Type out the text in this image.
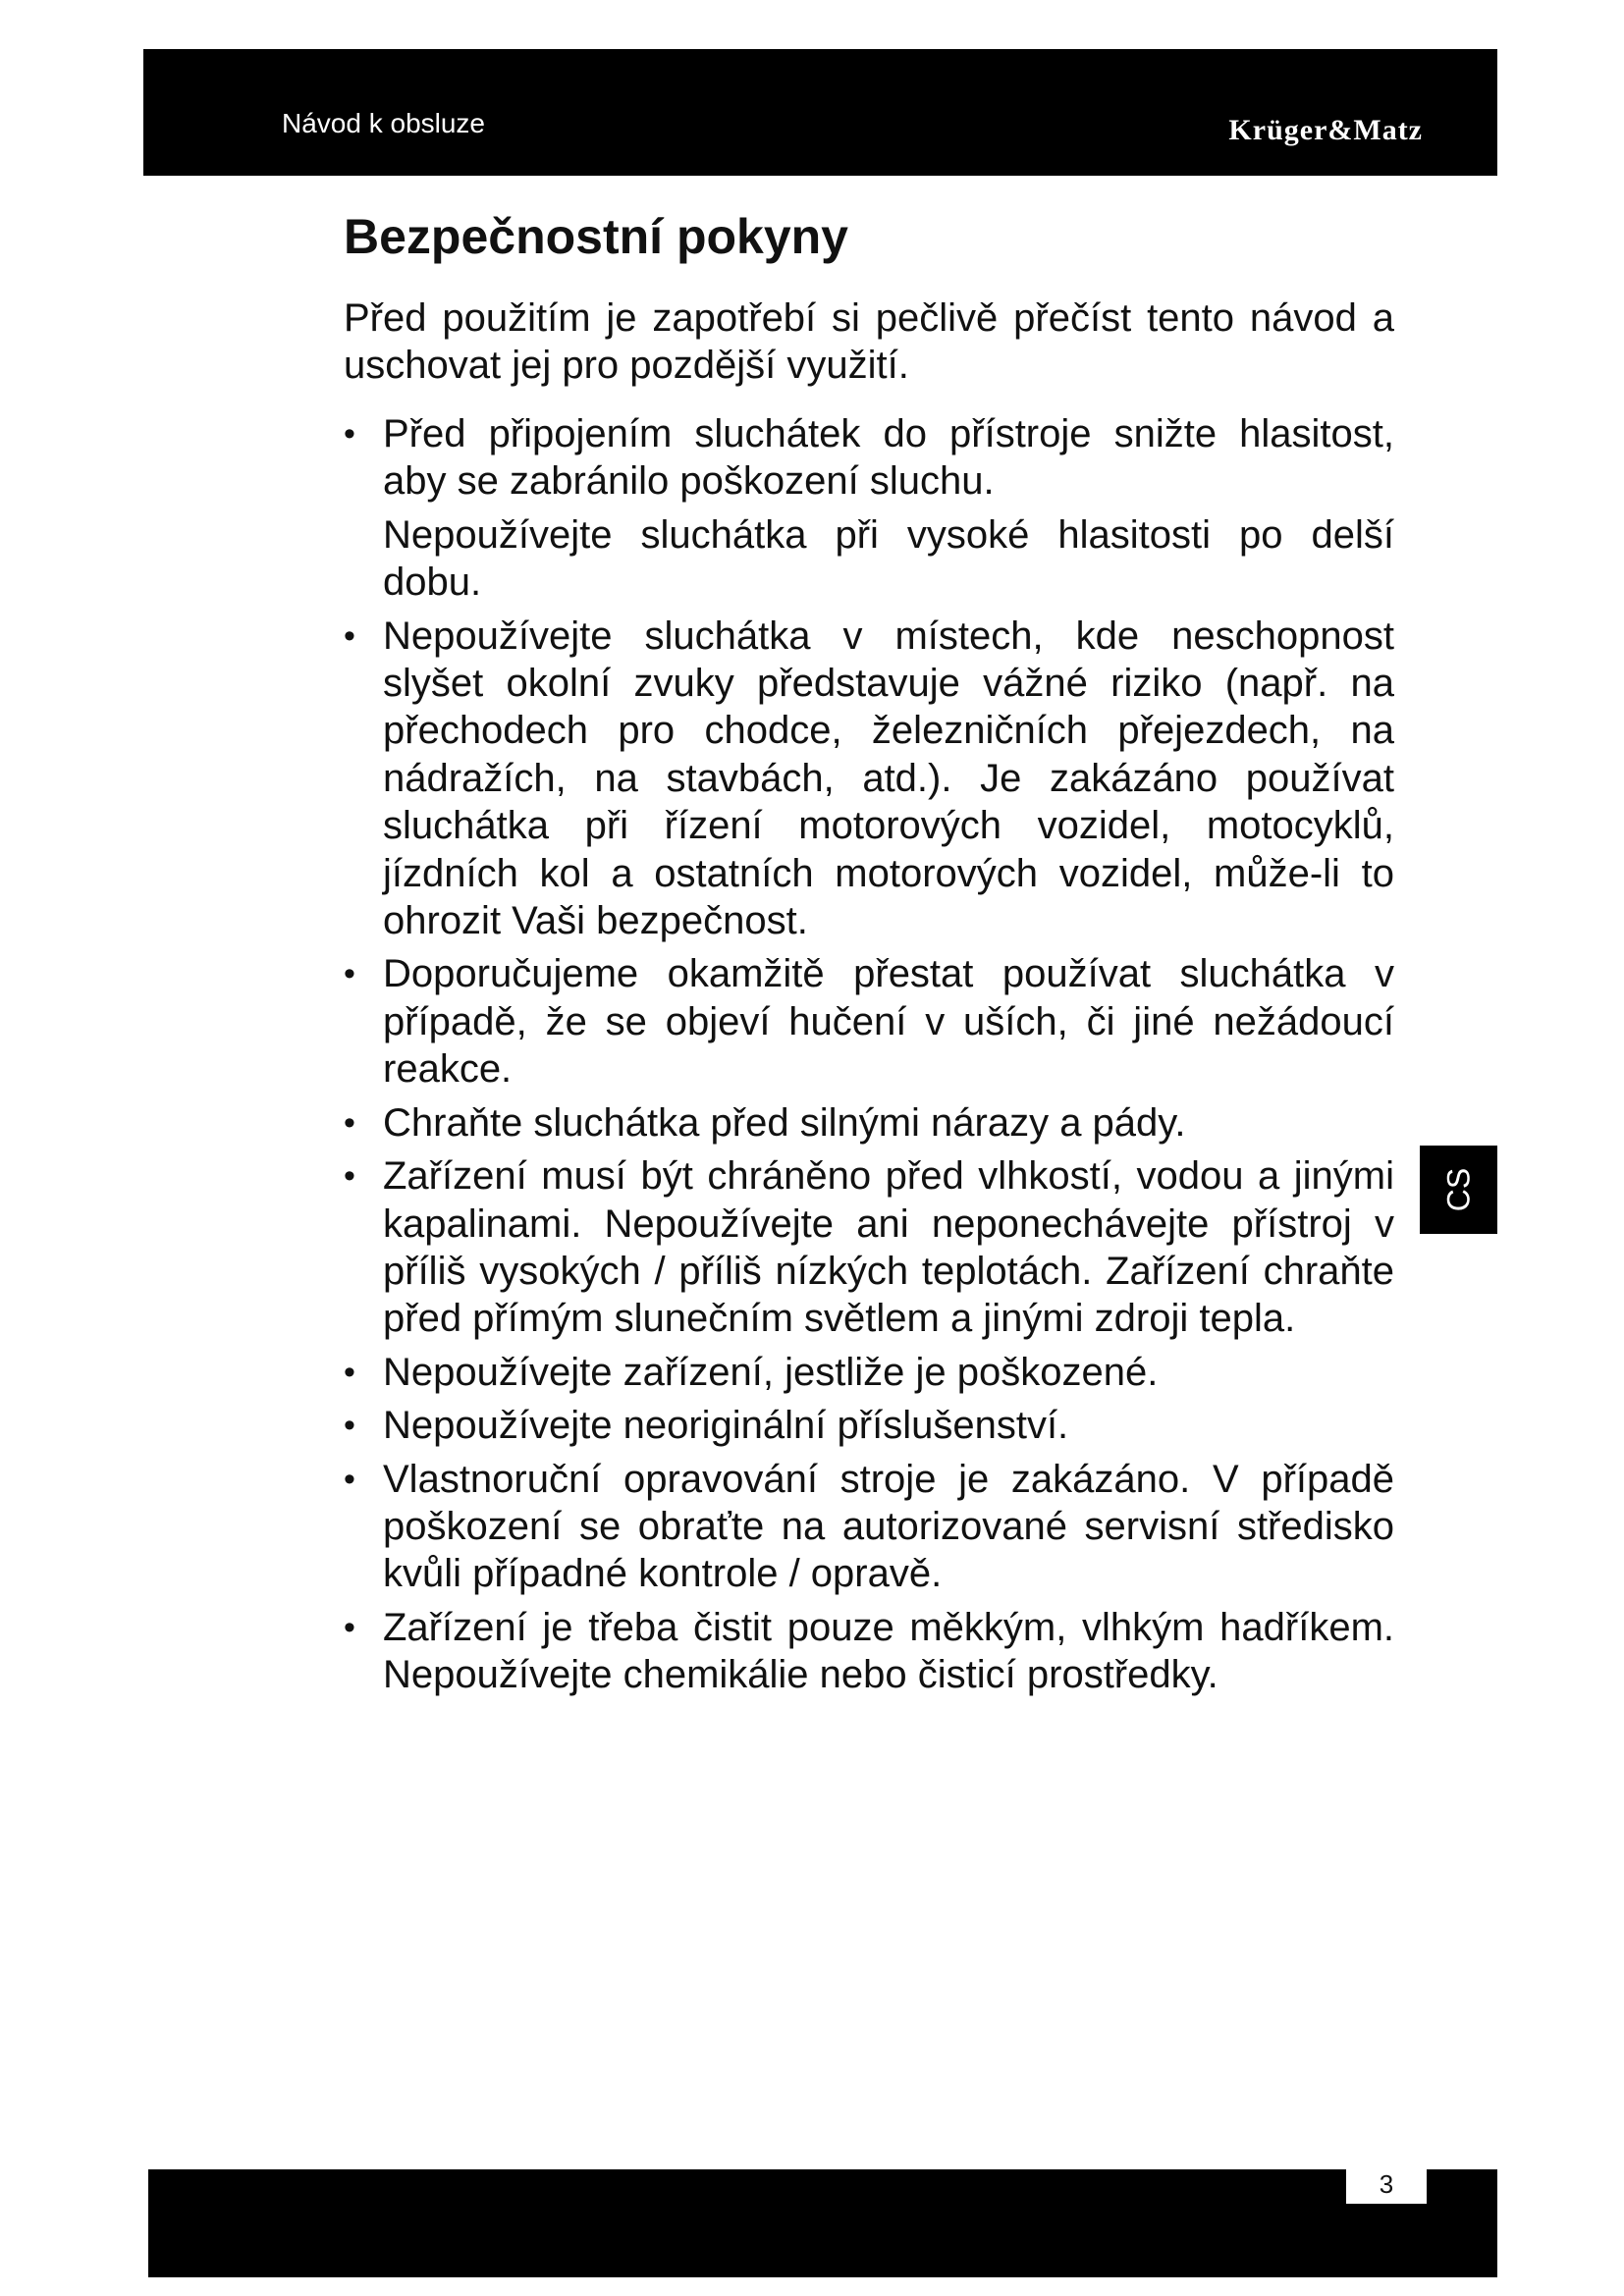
Návod k obsluze	Krüger&Matz
Bezpečnostní pokyny

Před použitím je zapotřebí si pečlivě přečíst tento návod a uschovat jej pro pozdější využití.

• Před připojením sluchátek do přístroje snižte hlasitost, aby se zabránilo poškození sluchu.
Nepoužívejte sluchátka při vysoké hlasitosti po delší dobu.
• Nepoužívejte sluchátka v místech, kde neschopnost slyšet okolní zvuky představuje vážné riziko (např. na přechodech pro chodce, železničních přejezdech, na nádražích, na stavbách, atd.). Je zakázáno používat sluchátka při řízení motorových vozidel, motocyklů, jízdních kol a ostatních motorových vozidel, může-li to ohrozit Vaši bezpečnost.
• Doporučujeme okamžitě přestat používat sluchátka v případě, že se objeví hučení v uších, či jiné nežádoucí reakce.
• Chraňte sluchátka před silnými nárazy a pády.
• Zařízení musí být chráněno před vlhkostí, vodou a jinými kapalinami. Nepoužívejte ani neponechávejte přístroj v příliš vysokých / příliš nízkých teplotách. Zařízení chraňte před přímým slunečním světlem a jinými zdroji tepla.
• Nepoužívejte zařízení, jestliže je poškozené.
• Nepoužívejte neoriginální příslušenství.
• Vlastnoruční opravování stroje je zakázáno. V případě poškození se obraťte na autorizované servisní středisko kvůli případné kontrole / opravě.
• Zařízení je třeba čistit pouze měkkým, vlhkým hadříkem. Nepoužívejte chemikálie nebo čisticí prostředky.
CS
3
